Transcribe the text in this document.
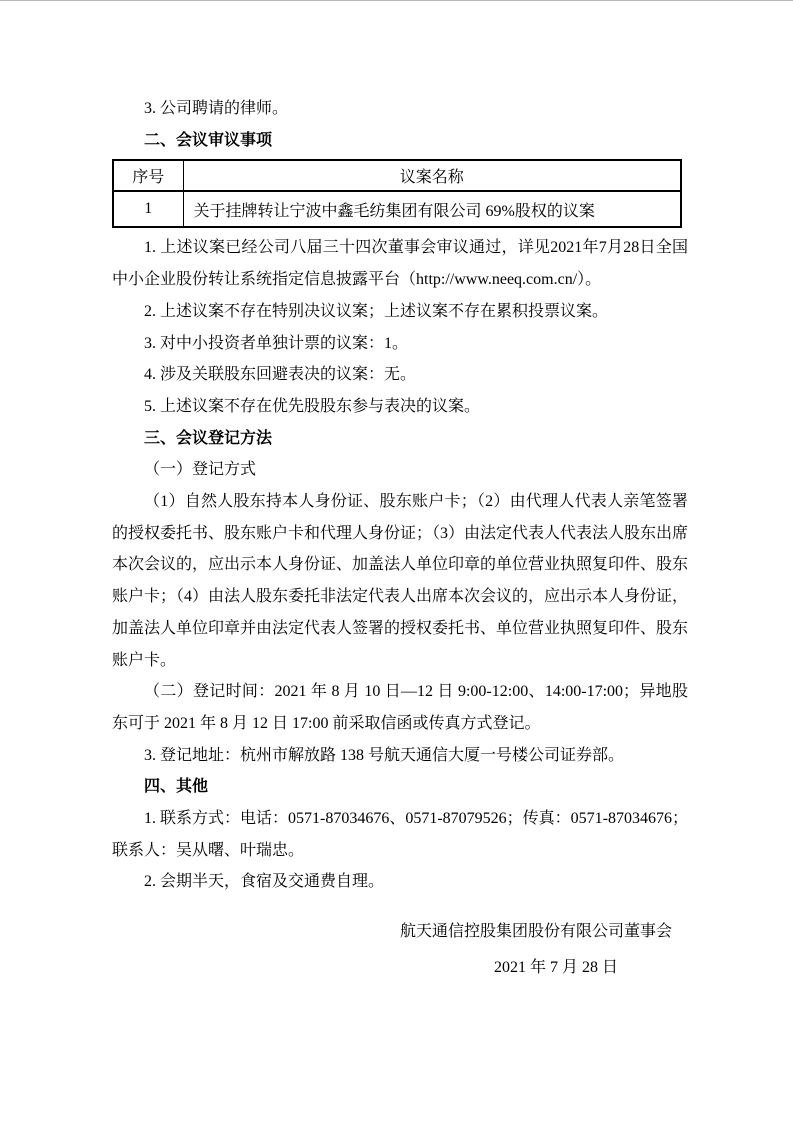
3. 公司聘请的律师。

二、会议审议事项

序号	议案名称
1	关于挂牌转让宁波中鑫毛纺集团有限公司 69%股权的议案

1. 上述议案已经公司八届三十四次董事会审议通过，详见2021年7月28日全国中小企业股份转让系统指定信息披露平台（http://www.neeq.com.cn/）。

2. 上述议案不存在特别决议议案；上述议案不存在累积投票议案。

3. 对中小投资者单独计票的议案：1。

4. 涉及关联股东回避表决的议案：无。

5. 上述议案不存在优先股股东参与表决的议案。

三、会议登记方法

（一）登记方式

（1）自然人股东持本人身份证、股东账户卡；（2）由代理人代表人亲笔签署的授权委托书、股东账户卡和代理人身份证；（3）由法定代表人代表法人股东出席本次会议的，应出示本人身份证、加盖法人单位印章的单位营业执照复印件、股东账户卡；（4）由法人股东委托非法定代表人出席本次会议的，应出示本人身份证，加盖法人单位印章并由法定代表人签署的授权委托书、单位营业执照复印件、股东账户卡。

（二）登记时间：2021 年 8 月 10 日—12 日 9:00-12:00、14:00-17:00；异地股东可于 2021 年 8 月 12 日 17:00 前采取信函或传真方式登记。

3. 登记地址：杭州市解放路 138 号航天通信大厦一号楼公司证券部。

四、其他

1. 联系方式：电话：0571-87034676、0571-87079526；传真：0571-87034676；联系人：吴从曙、叶瑞忠。

2. 会期半天，食宿及交通费自理。

航天通信控股集团股份有限公司董事会

2021 年 7 月 28 日
